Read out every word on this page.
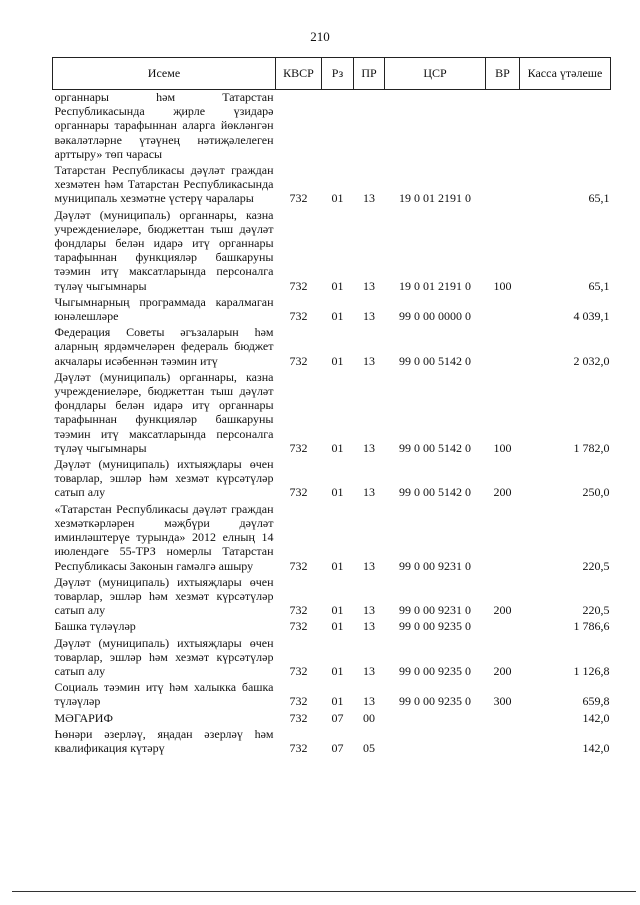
210
Исеме	КВСР	Рз	ПР	ЦСР	ВР	Касса үтәлеше
органнары һәм Татарстан Республикасында җирле үзидарә органнары тарафыннан аларга йөкләнгән вәкаләтләрне үтәүнең нәтиҗәлелеген арттыру» төп чарасы						
Татарстан Республикасы дәүләт граждан хезмәтен һәм Татарстан Республикасында муниципаль хезмәтне үстерү чаралары	732	01	13	19 0 01 2191 0		65,1
Дәүләт (муниципаль) органнары, казна учреждениеләре, бюджеттан тыш дәүләт фондлары белән идарә итү органнары тарафыннан функцияләр башкаруны тәэмин итү максатларында персоналга түләү чыгымнары	732	01	13	19 0 01 2191 0	100	65,1
Чыгымнарның программада каралмаган юнәлешләре	732	01	13	99 0 00 0000 0		4 039,1
Федерация Советы әгъзаларын һәм аларның ярдәмчеләрен федераль бюджет акчалары исәбеннән тәэмин итү	732	01	13	99 0 00 5142 0		2 032,0
Дәүләт (муниципаль) органнары, казна учреждениеләре, бюджеттан тыш дәүләт фондлары белән идарә итү органнары тарафыннан функцияләр башкаруны тәэмин итү максатларында персоналга түләү чыгымнары	732	01	13	99 0 00 5142 0	100	1 782,0
Дәүләт (муниципаль) ихтыяҗлары өчен товарлар, эшләр һәм хезмәт күрсәтүләр сатып алу	732	01	13	99 0 00 5142 0	200	250,0
«Татарстан Республикасы дәүләт граждан хезмәткәрләрен мәҗбүри дәүләт иминләштерүе турында» 2012 елның 14 июлендәге 55-ТРЗ номерлы Татарстан Республикасы Законын гамәлгә ашыру	732	01	13	99 0 00 9231 0		220,5
Дәүләт (муниципаль) ихтыяҗлары өчен товарлар, эшләр һәм хезмәт күрсәтүләр сатып алу	732	01	13	99 0 00 9231 0	200	220,5
Башка түләүләр	732	01	13	99 0 00 9235 0		1 786,6
Дәүләт (муниципаль) ихтыяҗлары өчен товарлар, эшләр һәм хезмәт күрсәтүләр сатып алу	732	01	13	99 0 00 9235 0	200	1 126,8
Социаль тәэмин итү һәм халыкка башка түләүләр	732	01	13	99 0 00 9235 0	300	659,8
МӘГАРИФ	732	07	00			142,0
Һөнәри әзерләү, яңадан әзерләү һәм квалификация күтәрү	732	07	05			142,0
